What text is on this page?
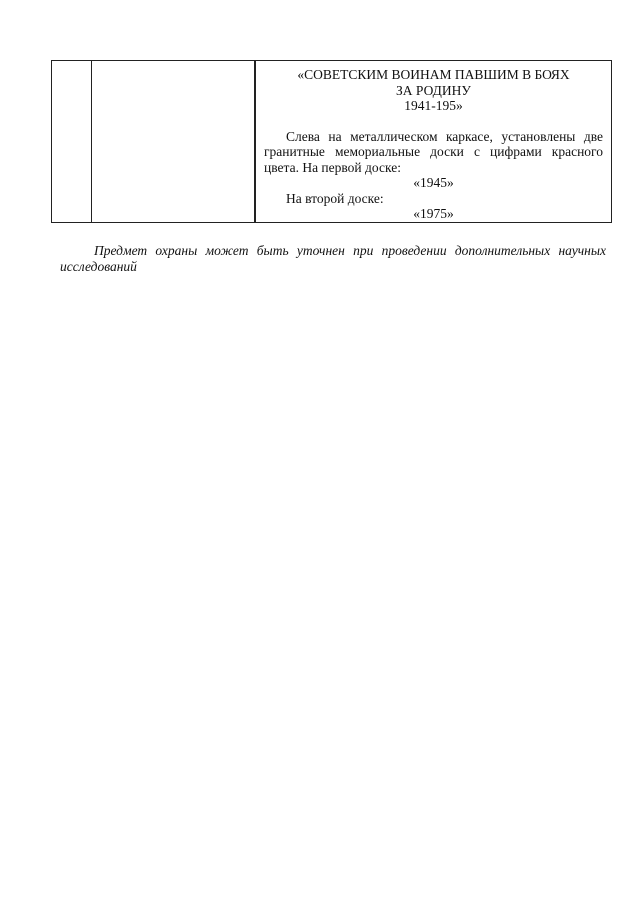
«СОВЕТСКИМ ВОИНАМ ПАВШИМ В БОЯХ
ЗА РОДИНУ
1941-195»

Слева на металлическом каркасе, установлены две гранитные мемориальные доски с цифрами красного цвета. На первой доске:

«1945»

На второй доске:

«1975»

Предмет охраны может быть уточнен при проведении дополнительных научных исследований
